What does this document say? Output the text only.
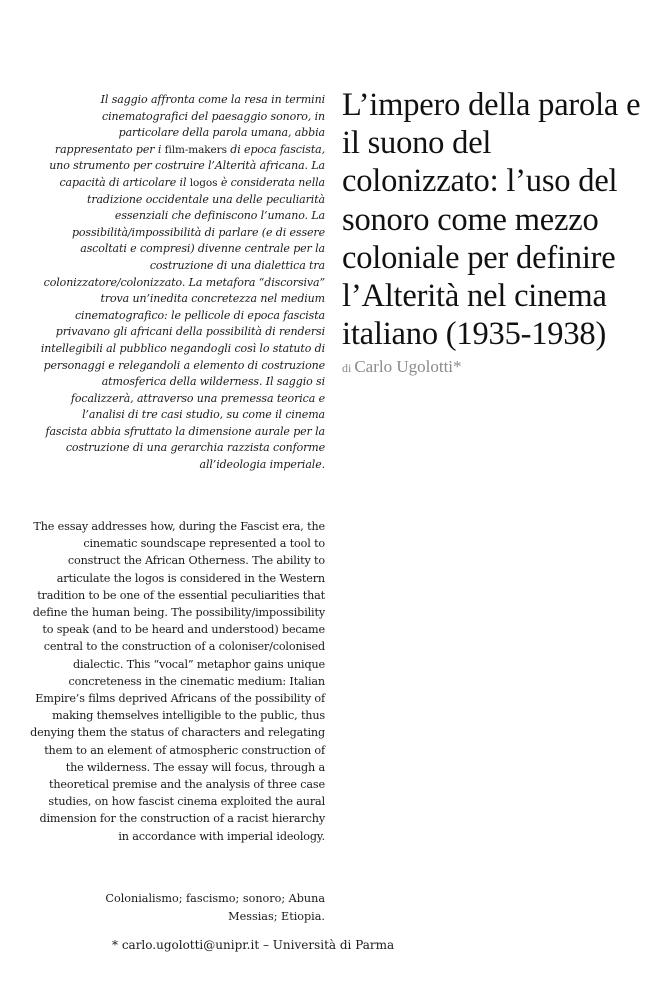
Il saggio affronta come la resa in termini cinematografici del paesaggio sonoro, in particolare della parola umana, abbia rappresentato per i film-makers di epoca fascista, uno strumento per costruire l’Alterità africana. La capacità di articolare il logos è considerata nella tradizione occidentale una delle peculiarità essenziali che definiscono l’umano. La possibilità/impossibilità di parlare (e di essere ascoltati e compresi) divenne centrale per la costruzione di una dialettica tra colonizzatore/colonizzato. La metafora “discorsiva” trova un’inedita concretezza nel medium cinematografico: le pellicole di epoca fascista privavano gli africani della possibilità di rendersi intellegibili al pubblico negandogli così lo statuto di personaggi e relegandoli a elemento di costruzione atmosferica della wilderness. Il saggio si focalizzerà, attraverso una premessa teorica e l’analisi di tre casi studio, su come il cinema fascista abbia sfruttato la dimensione aurale per la costruzione di una gerarchia razzista conforme all’ideologia imperiale.
The essay addresses how, during the Fascist era, the cinematic soundscape represented a tool to construct the African Otherness. The ability to articulate the logos is considered in the Western tradition to be one of the essential peculiarities that define the human being. The possibility/impossibility to speak (and to be heard and understood) became central to the construction of a coloniser/colonised dialectic. This “vocal” metaphor gains unique concreteness in the cinematic medium: Italian Empire’s films deprived Africans of the possibility of making themselves intelligible to the public, thus denying them the status of characters and relegating them to an element of atmospheric construction of the wilderness. The essay will focus, through a theoretical premise and the analysis of three case studies, on how fascist cinema exploited the aural dimension for the construction of a racist hierarchy in accordance with imperial ideology.
L’impero della parola e il suono del colonizzato: l’uso del sonoro come mezzo coloniale per definire l’Alterità nel cinema italiano (1935-1938)
di Carlo Ugolotti*
Colonialismo; fascismo; sonoro; Abuna Messias; Etiopia.
* carlo.ugolotti@unipr.it – Università di Parma
